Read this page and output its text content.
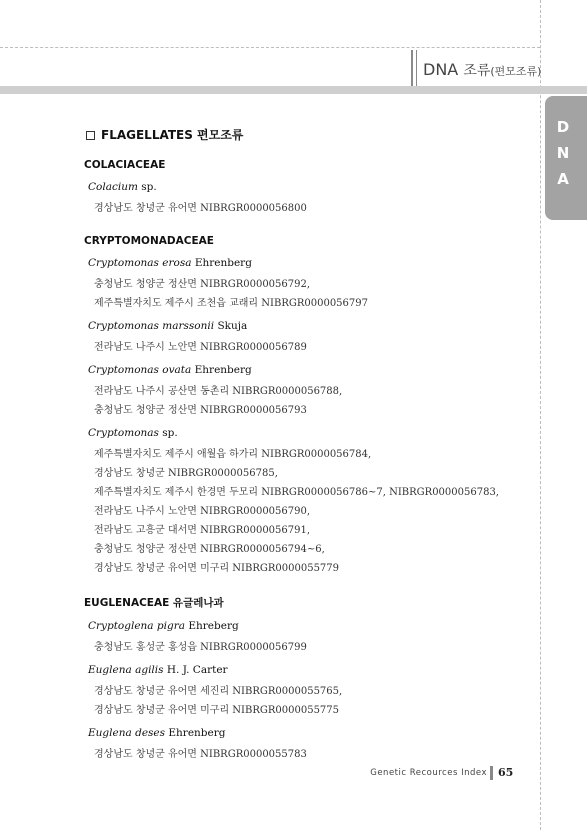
DNA 조류(편모조류)
D
N
A
FLAGELLATES 편모조류
COLACIACEAE
Colacium sp.
경상남도 창녕군 유어면 NIBRGR0000056800
CRYPTOMONADACEAE
Cryptomonas erosa Ehrenberg
충청남도 청양군 정산면 NIBRGR0000056792,
제주특별자치도 제주시 조천읍 교래리 NIBRGR0000056797
Cryptomonas marssonii Skuja
전라남도 나주시 노안면 NIBRGR0000056789
Cryptomonas ovata Ehrenberg
전라남도 나주시 공산면 동촌리 NIBRGR0000056788,
충청남도 청양군 정산면 NIBRGR0000056793
Cryptomonas sp.
제주특별자치도 제주시 애월읍 하가리 NIBRGR0000056784,
경상남도 창녕군 NIBRGR0000056785,
제주특별자치도 제주시 한경면 두모리 NIBRGR0000056786~7, NIBRGR0000056783,
전라남도 나주시 노안면 NIBRGR0000056790,
전라남도 고흥군 대서면 NIBRGR0000056791,
충청남도 청양군 정산면 NIBRGR0000056794~6,
경상남도 창녕군 유어면 미구리 NIBRGR0000055779
EUGLENACEAE 유글레나과
Cryptoglena pigra Ehreberg
충청남도 홍성군 홍성읍 NIBRGR0000056799
Euglena agilis H. J. Carter
경상남도 창녕군 유어면 세진리 NIBRGR0000055765,
경상남도 창녕군 유어면 미구리 NIBRGR0000055775
Euglena deses Ehrenberg
경상남도 창녕군 유어면 NIBRGR0000055783
Genetic Recources Index 65
